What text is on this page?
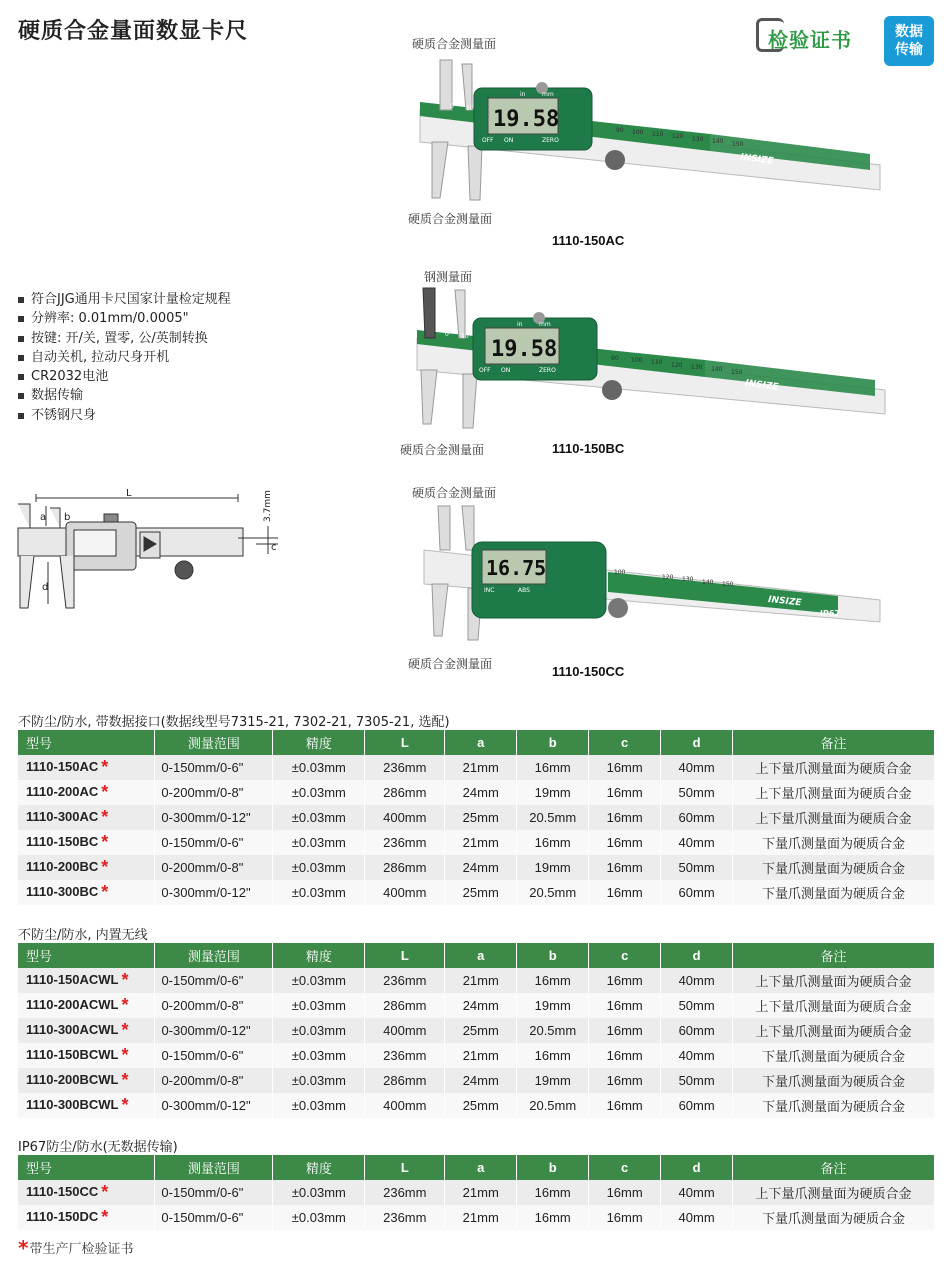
硬质合金量面数显卡尺	检验证书	数据
传输
符合JJG通用卡尺国家计量检定规程
分辨率: 0.01mm/0.0005"
按键: 开/关, 置零, 公/英制转换
自动关机, 拉动尺身开机
CR2032电池
数据传输
不锈钢尺身
L
a b
d
c
3.7mm
硬质合金测量面
硬质合金测量面
19.58
OFF ON	ZERO
in	mm
0 10
90 100 110 120 130 140 150
INSIZE
1110-150AC
钢测量面
硬质合金测量面
19.58
OFF ON	ZERO
in	mm
0 10
90 100 110 120 130 140 150
INSIZE
1110-150BC
硬质合金测量面
硬质合金测量面
16.75
INC	ABS
100
120 130 140 150
INSIZE
IP67
1110-150CC
不防尘/防水, 带数据接口(数据线型号7315-21, 7302-21, 7305-21, 选配)
型号	测量范围	精度	L	a	b	c	d	备注
1110-150AC *	0-150mm/0-6"	±0.03mm	236mm	21mm	16mm	16mm	40mm	上下量爪测量面为硬质合金
1110-200AC *	0-200mm/0-8"	±0.03mm	286mm	24mm	19mm	16mm	50mm	上下量爪测量面为硬质合金
1110-300AC *	0-300mm/0-12"	±0.03mm	400mm	25mm	20.5mm	16mm	60mm	上下量爪测量面为硬质合金
1110-150BC *	0-150mm/0-6"	±0.03mm	236mm	21mm	16mm	16mm	40mm	下量爪测量面为硬质合金
1110-200BC *	0-200mm/0-8"	±0.03mm	286mm	24mm	19mm	16mm	50mm	下量爪测量面为硬质合金
1110-300BC *	0-300mm/0-12"	±0.03mm	400mm	25mm	20.5mm	16mm	60mm	下量爪测量面为硬质合金
不防尘/防水, 内置无线
型号	测量范围	精度	L	a	b	c	d	备注
1110-150ACWL *	0-150mm/0-6"	±0.03mm	236mm	21mm	16mm	16mm	40mm	上下量爪测量面为硬质合金
1110-200ACWL *	0-200mm/0-8"	±0.03mm	286mm	24mm	19mm	16mm	50mm	上下量爪测量面为硬质合金
1110-300ACWL *	0-300mm/0-12"	±0.03mm	400mm	25mm	20.5mm	16mm	60mm	上下量爪测量面为硬质合金
1110-150BCWL *	0-150mm/0-6"	±0.03mm	236mm	21mm	16mm	16mm	40mm	下量爪测量面为硬质合金
1110-200BCWL *	0-200mm/0-8"	±0.03mm	286mm	24mm	19mm	16mm	50mm	下量爪测量面为硬质合金
1110-300BCWL *	0-300mm/0-12"	±0.03mm	400mm	25mm	20.5mm	16mm	60mm	下量爪测量面为硬质合金
IP67防尘/防水(无数据传输)
型号	测量范围	精度	L	a	b	c	d	备注
1110-150CC *	0-150mm/0-6"	±0.03mm	236mm	21mm	16mm	16mm	40mm	上下量爪测量面为硬质合金
1110-150DC *	0-150mm/0-6"	±0.03mm	236mm	21mm	16mm	16mm	40mm	下量爪测量面为硬质合金
*带生产厂检验证书
